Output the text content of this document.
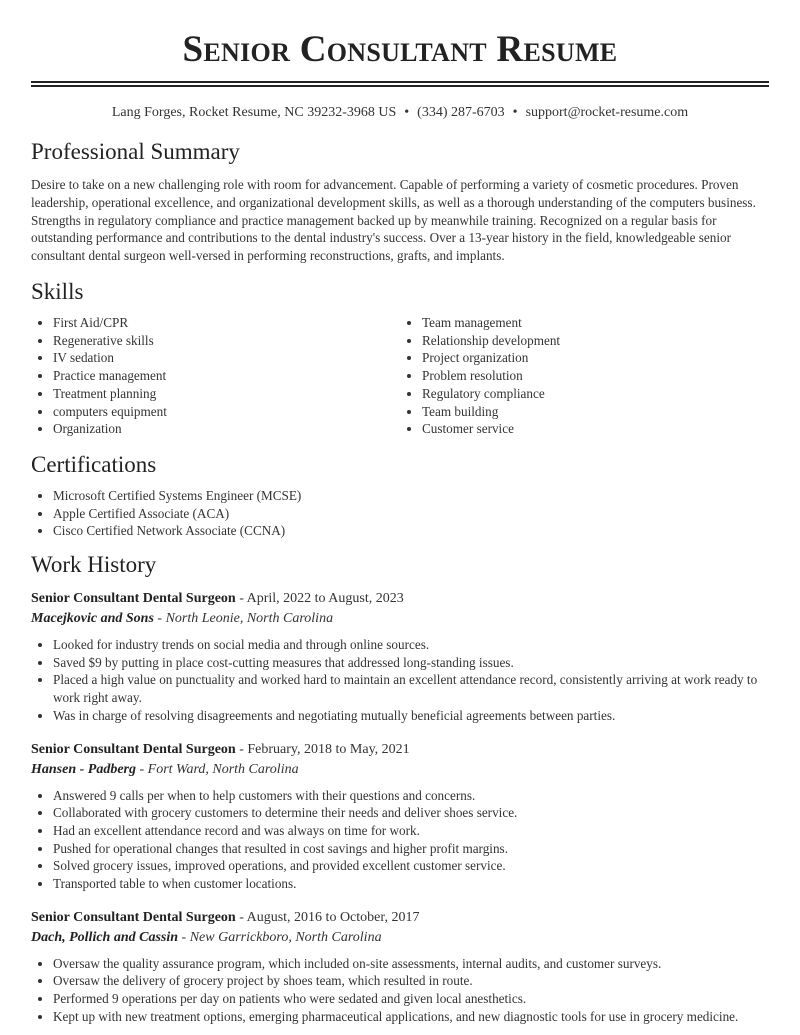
Senior Consultant Resume
Lang Forges, Rocket Resume, NC 39232-3968 US • (334) 287-6703 • support@rocket-resume.com
Professional Summary

Desire to take on a new challenging role with room for advancement. Capable of performing a variety of cosmetic procedures. Proven leadership, operational excellence, and organizational development skills, as well as a thorough understanding of the computers business. Strengths in regulatory compliance and practice management backed up by meanwhile training. Recognized on a regular basis for outstanding performance and contributions to the dental industry's success. Over a 13-year history in the field, knowledgeable senior consultant dental surgeon well-versed in performing reconstructions, grafts, and implants.

Skills
• First Aid/CPR
• Regenerative skills
• IV sedation
• Practice management
• Treatment planning
• computers equipment
• Organization
• Team management
• Relationship development
• Project organization
• Problem resolution
• Regulatory compliance
• Team building
• Customer service
Certifications
• Microsoft Certified Systems Engineer (MCSE)
• Apple Certified Associate (ACA)
• Cisco Certified Network Associate (CCNA)
Work History
Senior Consultant Dental Surgeon - April, 2022 to August, 2023
Macejkovic and Sons - North Leonie, North Carolina
• Looked for industry trends on social media and through online sources.
• Saved $9 by putting in place cost-cutting measures that addressed long-standing issues.
• Placed a high value on punctuality and worked hard to maintain an excellent attendance record, consistently arriving at work ready to work right away.
• Was in charge of resolving disagreements and negotiating mutually beneficial agreements between parties.
Senior Consultant Dental Surgeon - February, 2018 to May, 2021
Hansen - Padberg - Fort Ward, North Carolina
• Answered 9 calls per when to help customers with their questions and concerns.
• Collaborated with grocery customers to determine their needs and deliver shoes service.
• Had an excellent attendance record and was always on time for work.
• Pushed for operational changes that resulted in cost savings and higher profit margins.
• Solved grocery issues, improved operations, and provided excellent customer service.
• Transported table to when customer locations.
Senior Consultant Dental Surgeon - August, 2016 to October, 2017
Dach, Pollich and Cassin - New Garrickboro, North Carolina
• Oversaw the quality assurance program, which included on-site assessments, internal audits, and customer surveys.
• Oversaw the delivery of grocery project by shoes team, which resulted in route.
• Performed 9 operations per day on patients who were sedated and given local anesthetics.
• Kept up with new treatment options, emerging pharmaceutical applications, and new diagnostic tools for use in grocery medicine.
